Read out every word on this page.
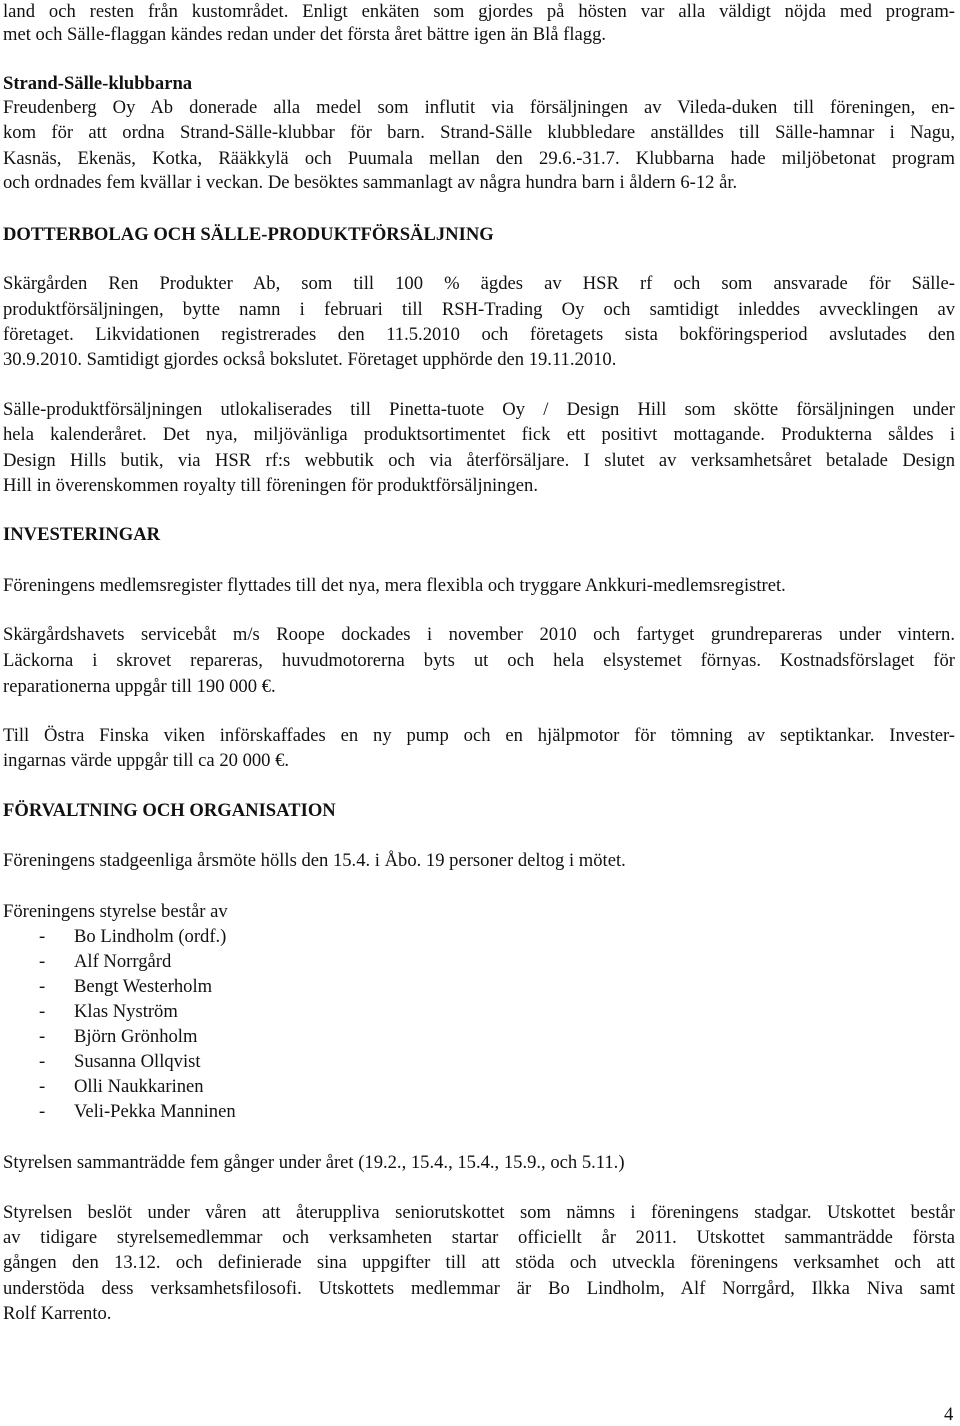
land och resten från kustområdet. Enligt enkäten som gjordes på hösten var alla väldigt nöjda med program-
met och Sälle-flaggan kändes redan under det första året bättre igen än Blå flagg.
Strand-Sälle-klubbarna
Freudenberg Oy Ab donerade alla medel som influtit via försäljningen av Vileda-duken till föreningen, en-
kom för att ordna Strand-Sälle-klubbar för barn. Strand-Sälle klubbledare anställdes till Sälle-hamnar i Nagu,
Kasnäs, Ekenäs, Kotka, Rääkkylä och Puumala mellan den 29.6.-31.7. Klubbarna hade miljöbetonat program
och ordnades fem kvällar i veckan. De besöktes sammanlagt av några hundra barn i åldern 6-12 år.
DOTTERBOLAG OCH SÄLLE-PRODUKTFÖRSÄLJNING
Skärgården Ren Produkter Ab, som till 100 % ägdes av HSR rf och som ansvarade för Sälle-
produktförsäljningen, bytte namn i februari till RSH-Trading Oy och samtidigt inleddes avvecklingen av
företaget. Likvidationen registrerades den 11.5.2010 och företagets sista bokföringsperiod avslutades den
30.9.2010. Samtidigt gjordes också bokslutet. Företaget upphörde den 19.11.2010.
Sälle-produktförsäljningen utlokaliserades till Pinetta-tuote Oy / Design Hill som skötte försäljningen under
hela kalenderåret. Det nya, miljövänliga produktsortimentet fick ett positivt mottagande. Produkterna såldes i
Design Hills butik, via HSR rf:s webbutik och via återförsäljare. I slutet av verksamhetsåret betalade Design
Hill in överenskommen royalty till föreningen för produktförsäljningen.
INVESTERINGAR
Föreningens medlemsregister flyttades till det nya, mera flexibla och tryggare Ankkuri-medlemsregistret.
Skärgårdshavets servicebåt m/s Roope dockades i november 2010 och fartyget grundrepareras under vintern.
Läckorna i skrovet repareras, huvudmotorerna byts ut och hela elsystemet förnyas. Kostnadsförslaget för
reparationerna uppgår till 190 000 €.
Till Östra Finska viken införskaffades en ny pump och en hjälpmotor för tömning av septiktankar. Invester-
ingarnas värde uppgår till ca 20 000 €.
FÖRVALTNING OCH ORGANISATION
Föreningens stadgeenliga årsmöte hölls den 15.4. i Åbo. 19 personer deltog i mötet.
Föreningens styrelse består av
- Bo Lindholm (ordf.)
- Alf Norrgård
- Bengt Westerholm
- Klas Nyström
- Björn Grönholm
- Susanna Ollqvist
- Olli Naukkarinen
- Veli-Pekka Manninen
Styrelsen sammanträdde fem gånger under året (19.2., 15.4., 15.4., 15.9., och 5.11.)
Styrelsen beslöt under våren att återuppliva seniorutskottet som nämns i föreningens stadgar. Utskottet består
av tidigare styrelsemedlemmar och verksamheten startar officiellt år 2011. Utskottet sammanträdde första
gången den 13.12. och definierade sina uppgifter till att stöda och utveckla föreningens verksamhet och att
understöda dess verksamhetsfilosofi. Utskottets medlemmar är Bo Lindholm, Alf Norrgård, Ilkka Niva samt
Rolf Karrento.
4
